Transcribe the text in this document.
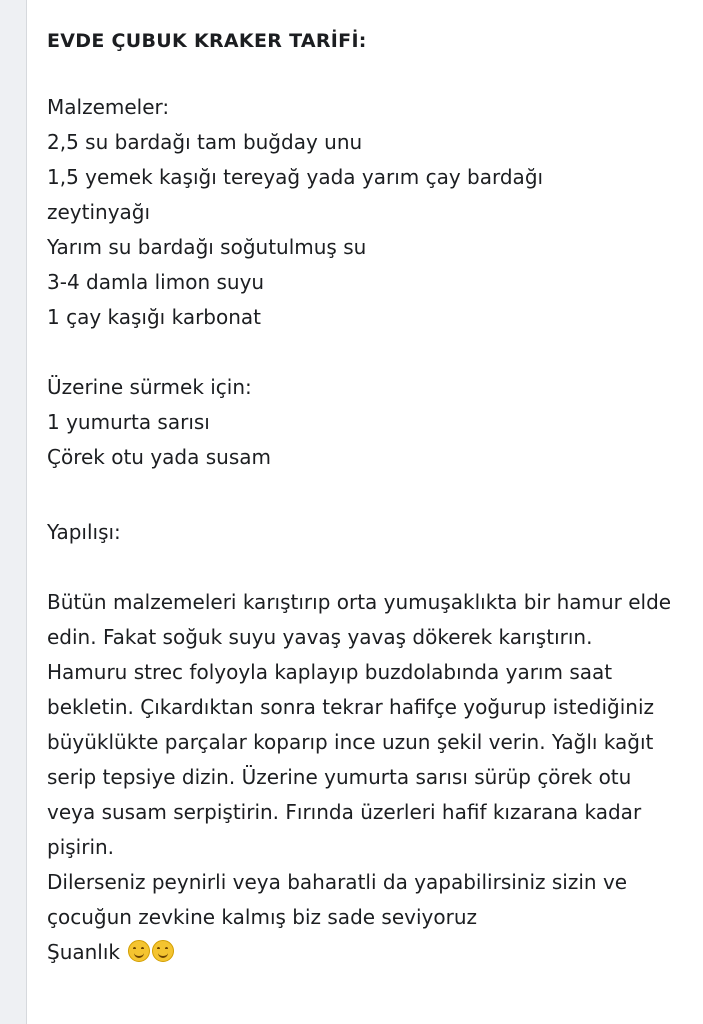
EVDE ÇUBUK KRAKER TARİFİ:

Malzemeler:

2,5 su bardağı tam buğday unu
1,5 yemek kaşığı tereyağ yada yarım çay bardağı
zeytinyağı
Yarım su bardağı soğutulmuş su
3-4 damla limon suyu
1 çay kaşığı karbonat

Üzerine sürmek için:

1 yumurta sarısı
Çörek otu yada susam

Yapılışı:

Bütün malzemeleri karıştırıp orta yumuşaklıkta bir hamur elde edin. Fakat soğuk suyu yavaş yavaş dökerek karıştırın. Hamuru strec folyoyla kaplayıp buzdolabında yarım saat bekletin. Çıkardıktan sonra tekrar hafifçe yoğurup istediğiniz büyüklükte parçalar koparıp ince uzun şekil verin. Yağlı kağıt serip tepsiye dizin. Üzerine yumurta sarısı sürüp çörek otu veya susam serpiştirin. Fırında üzerleri hafif kızarana kadar pişirin.

Dilerseniz peynirli veya baharatli da yapabilirsiniz sizin ve çocuğun zevkine kalmış biz sade seviyoruz

Şuanlık
